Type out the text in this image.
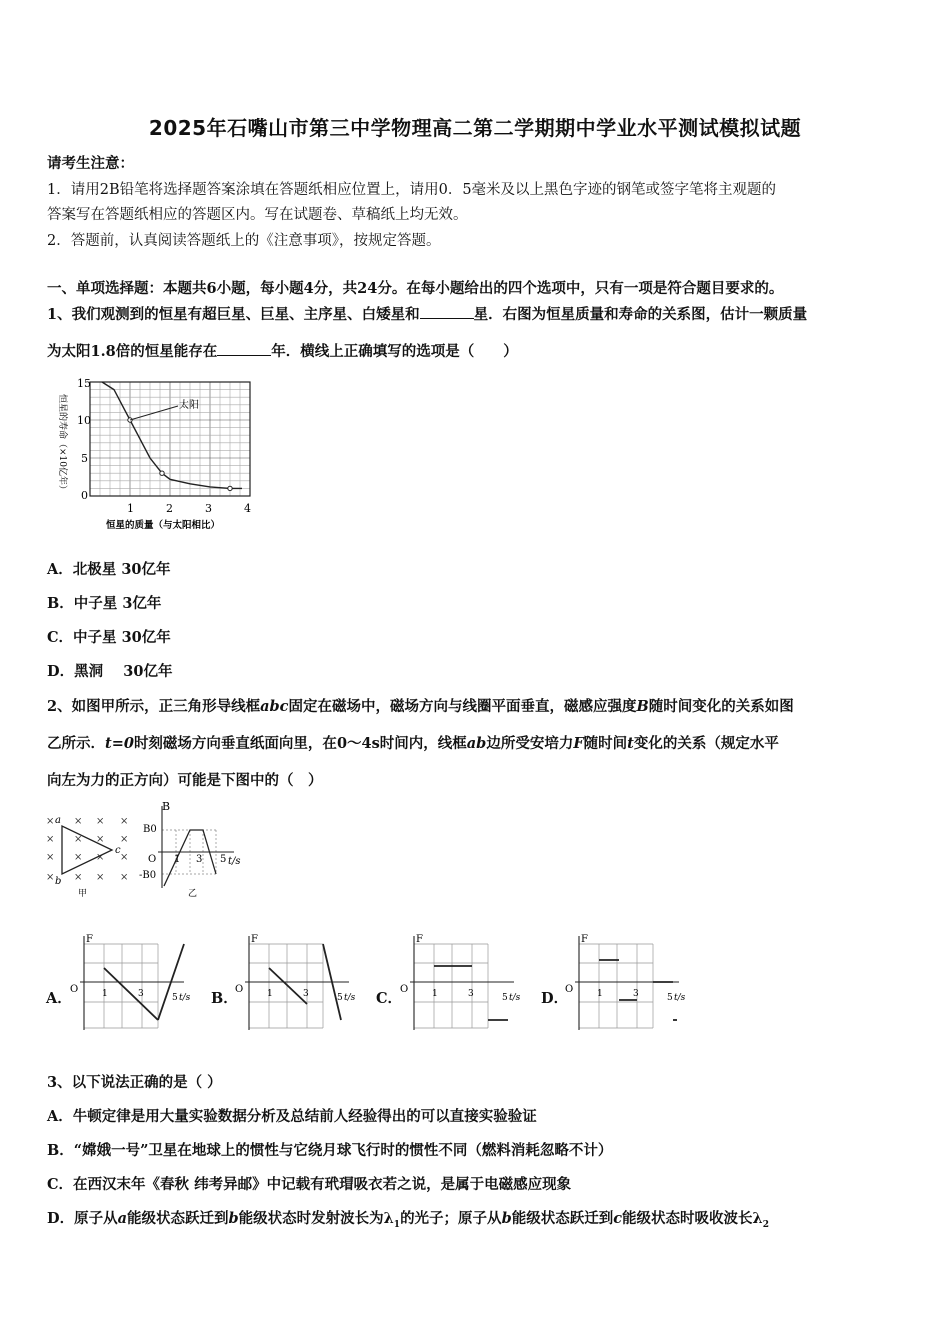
2025年石嘴山市第三中学物理高二第二学期期中学业水平测试模拟试题
请考生注意：
1．请用2B铅笔将选择题答案涂填在答题纸相应位置上，请用0．5毫米及以上黑色字迹的钢笔或签字笔将主观题的
答案写在答题纸相应的答题区内。写在试题卷、草稿纸上均无效。
2．答题前，认真阅读答题纸上的《注意事项》，按规定答题。
一、单项选择题：本题共6小题，每小题4分，共24分。在每小题给出的四个选项中，只有一项是符合题目要求的。
1、我们观测到的恒星有超巨星、巨星、主序星、白矮星和	星．右图为恒星质量和寿命的关系图，估计一颗质量
为太阳1.8倍的恒星能存在	年．横线上正确填写的选项是（　　）
恒星的寿命（×10亿年）
15
10
5
0
1	2	3	4
恒星的质量（与太阳相比）
太阳
A．北极星 30亿年
B．中子星 3亿年
C．中子星 30亿年
D．黑洞    30亿年
2、如图甲所示，正三角形导线框abc固定在磁场中，磁场方向与线圈平面垂直，磁感应强度B随时间变化的关系如图
乙所示．t=0时刻磁场方向垂直纸面向里，在0～4s时间内，线框ab边所受安培力F随时间t变化的关系（规定水平
向左为力的正方向）可能是下图中的（　）
× × × ×
× × × ×
× × × ×
× × × ×
a
b
c
甲
B
B0
-B0
O 1 3 5 t/s
乙
A．
F
O	1	3	5 t/s B．
F
O	1	3	5 t/s C．
F
O	1	3	5 t/s D．
F
O	1	3	5 t/s
3、以下说法正确的是（ ）
A．牛顿定律是用大量实验数据分析及总结前人经验得出的可以直接实验验证
B．“嫦娥一号”卫星在地球上的惯性与它绕月球飞行时的惯性不同（燃料消耗忽略不计）
C．在西汉末年《春秋 纬考异邮》中记载有玳瑁吸衣若之说，是属于电磁感应现象
D．原子从a能级状态跃迁到b能级状态时发射波长为$\lambda_1$的光子；原子从b能级状态跃迁到c能级状态时吸收波长$\lambda_2$
